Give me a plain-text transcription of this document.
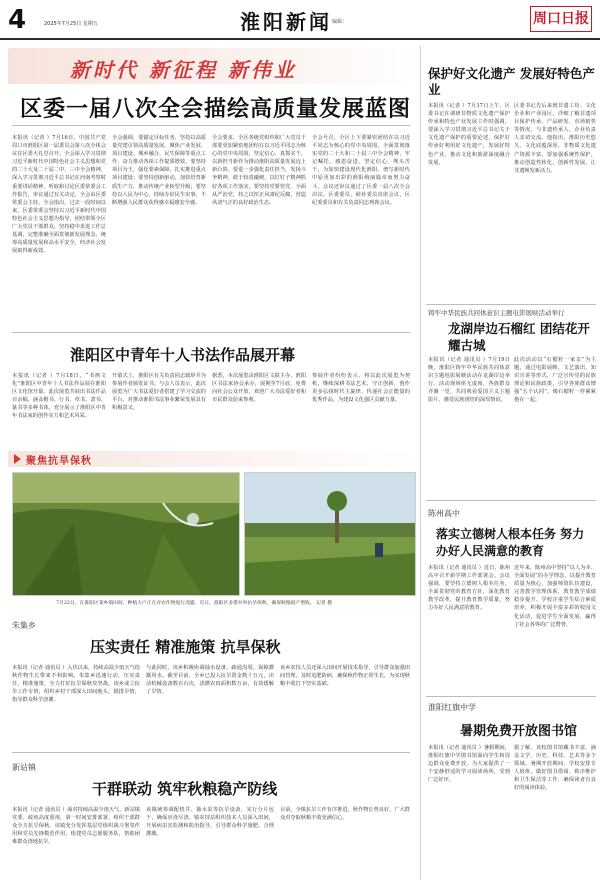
4	2025年7月25日 星期五	淮阳新闻 编辑：	周口日报
新时代 新征程 新伟业
区委一届八次全会描绘高质量发展蓝图
本报讯（记者 ）7月16日，中国共产党周口市淮阳区第一届委员会第八次全体会议在区委大礼堂召开。全会深入学习贯彻习近平新时代中国特色社会主义思想和党的二十大及二十届二中、三中全会精神，深入学习贯彻习近平总书记在河南考察时重要讲话精神，听取和讨论区委常委会工作报告，审议通过有关决定。全会由区委常委会主持。全会指出，过去一段时间以来，区委常委会坚持以习近平新时代中国特色社会主义思想为指导，团结带领全区广大党员干部群众，坚持稳中求进工作总基调，完整准确全面贯彻新发展理念，统筹高质量发展和高水平安全，经济社会发展取得新成效。
全会强调，要锚定目标任务，坚持以高质量党建引领高质量发展，聚焦产业发展、项目建设、城乡融合、民生保障等重点工作，奋力推动各项工作提质增效。要坚持项目为王，强化要素保障，扎实推进重点项目建设；要坚持创新驱动，加快培育新质生产力，推动传统产业转型升级；要坚持以人民为中心，持续办好民生实事，不断增强人民群众获得感幸福感安全感。
全会要求，全区各级党组织和广大党员干部要更加紧密地团结在以习近平同志为核心的党中央周围，坚定信心、真抓实干，以新担当新作为推动淮阳高质量发展迈上新台阶。要进一步强化责任担当，发扬斗争精神，敢于较真碰硬，以钉钉子精神抓好各项工作落实。要坚持党要管党、全面从严治党，持之以恒正风肃纪反腐，营造风清气正的良好政治生态。
全会号召，全区上下要紧密团结在以习近平同志为核心的党中央周围，全面贯彻落实党的二十大和二十届三中全会精神，牢记嘱托、感恩奋进，坚定信心、埋头苦干，为加快建设现代化淮阳、谱写新时代中原更加出彩的淮阳绚丽篇章而努力奋斗。会议还审议通过了区委一届八次全会决议。区委委员、候补委员出席会议，区纪委委员和有关负责同志列席会议。
淮阳区中青年十人书法作品展开幕
本报讯（记者 ）7月18日，“书画文化”淮阳区中青年十人书法作品展在淮阳区文化馆开幕。此次展览共展出书法作品百余幅，涵盖楷书、行书、草书、隶书、篆书等多种书体，充分展示了淮阳区中青年书法家的创作实力和艺术风采。
开幕式上，淮阳区有关负责同志致辞并为参展作者颁发证书。与会人员表示，此次展览为广大书法爱好者搭建了学习交流的平台，对推动淮阳书法事业繁荣发展具有积极意义。
据悉，本次展览由淮阳区文联主办，淮阳区书法家协会承办，展期至7月底，免费向社会公众开放，欢迎广大书法爱好者和市民群众前来参观。
参展作者纷纷表示，将以此次展览为契机，继续深耕书法艺术，守正创新，创作更多弘扬时代主旋律、传递社会正能量的优秀作品，为建设文化强区贡献力量。
聚焦抗旱保秋
7月22日，在淮阳区某乡镇田间，种植大户正在对农作物进行浇灌。近日，淮阳区多措并举抗旱保秋，确保秋粮稳产增收。 记者 摄
朱集乡
压实责任 精准施策 抗旱保秋
本报讯（记者 通讯员 ）入伏以来，持续高温少雨天气给秋作物生长带来不利影响。朱集乡迅速行动，压实责任，精准施策，全力打好抗旱保秋攻坚战。该乡成立抗旱工作专班，组织乡村干部深入田间地头，摸排旱情，指导群众科学浇灌。
与此同时，该乡积极协调抽水设备，疏通沟渠，保障灌溉用水。截至目前，全乡已投入抗旱资金数十万元，出动机械设备数百台次，浇灌农田面积数万亩，有效缓解了旱情。
该乡农技人员还深入田间开展技术指导，引导群众加强田间管理，及时追肥防病，确保秋作物正常生长，为实现秋粮丰收打下坚实基础。
新站镇
干群联动 筑牢秋粮稳产防线
本报讯（记者 通讯员 ）面对持续高温少雨天气，新站镇党委、政府高度重视，第一时间安排部署，组织干部群众全力抗旱保秋。该镇充分发挥基层党组织战斗堡垒作用和党员先锋模范作用，组建党员志愿服务队，帮助困难群众浇地抗旱。
该镇统筹调配机井、抽水泵等抗旱设备，实行分片包干，确保应浇尽浇。镇农技站组织技术人员深入田间，开展病虫害监测和防治指导，引导群众科学施肥、合理灌溉。
目前，全镇抗旱工作有序推进，秋作物长势良好，广大群众对夺取秋粮丰收充满信心。
保护好文化遗产 发展好特色产业
本报讯（记者 ）7月17日上午，区委书记在调研非物质文化遗产保护传承和特色产业发展工作时强调，要深入学习贯彻习近平总书记关于文化遗产保护的重要论述，保护好传承好利用好文化遗产，发展好特色产业，推动文化和旅游深度融合发展。
区委书记先后来到非遗工坊、文化企业和产业园区，详细了解非遗项目保护传承、产品研发、市场销售等情况，与非遗传承人、企业负责人亲切交流。他指出，淮阳历史悠久、文化底蕴深厚，非物质文化遗产资源丰富，要加强系统性保护，推动创造性转化、创新性发展，让非遗焕发新活力。
铸牢中华民族共同体意识主题电影展映活动举行
龙湖岸边石榴红 团结花开耀古城
本报讯（记者 通讯员 ）7月19日晚，淮阳区铸牢中华民族共同体意识主题电影展映活动在龙湖岸边举行。活动现场座无虚席，各族群众齐聚一堂，共同观看爱国主义主题影片，感受民族团结的深厚情谊。
此次活动以“石榴籽一家亲”为主题，通过电影展映、文艺演出、知识宣讲等形式，广泛宣传党的民族理论和民族政策，引导各族群众增强“五个认同”，像石榴籽一样紧紧抱在一起。
陈州高中
落实立德树人根本任务 努力办好人民满意的教育
本报讯（记者 通讯员 ）近日，陈州高中召开新学期工作部署会。会议强调，要坚持立德树人根本任务，全面贯彻党的教育方针，深化教育教学改革，提升教育教学质量，努力办好人民满意的教育。
近年来，陈州高中坚持“以人为本、全面发展”的办学理念，以提升教育质量为核心，加强师资队伍建设，完善教学管理体系，教育教学成绩稳步提升。学校注重学生综合素质培养，积极开展丰富多彩的校园文化活动，促进学生全面发展，赢得了社会各界的广泛赞誉。
淮阳红旗中学
暑期免费开放图书馆
本报讯（记者 通讯员 ）暑假期间，淮阳红旗中学图书馆面向学生和周边群众免费开放，为大家提供了一个安静舒适的学习阅读场所，受到广泛好评。
据了解，该校图书馆藏书丰富，涵盖文学、历史、科技、艺术等多个领域。暑期开放期间，学校安排专人值班，做好图书借阅、秩序维护和卫生保洁等工作，确保读者有良好的阅读体验。
